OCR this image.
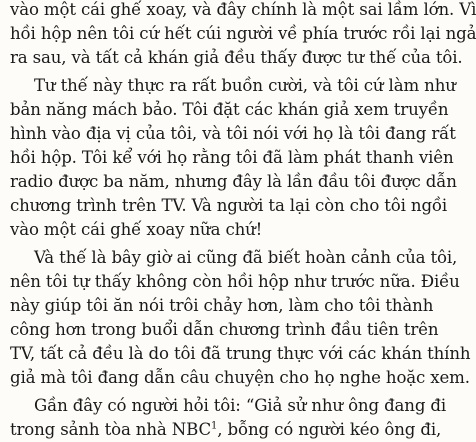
vào một cái ghế xoay, và đây chính là một sai lầm lớn. Vì
hồi hộp nên tôi cứ hết cúi người về phía trước rồi lại ngả
ra sau, và tất cả khán giả đều thấy được tư thế của tôi.
Tư thế này thực ra rất buồn cười, và tôi cứ làm như
bản năng mách bảo. Tôi đặt các khán giả xem truyền
hình vào địa vị của tôi, và tôi nói với họ là tôi đang rất
hồi hộp. Tôi kể với họ rằng tôi đã làm phát thanh viên
radio được ba năm, nhưng đây là lần đầu tôi được dẫn
chương trình trên TV. Và người ta lại còn cho tôi ngồi
vào một cái ghế xoay nữa chứ!
Và thế là bây giờ ai cũng đã biết hoàn cảnh của tôi,
nên tôi tự thấy không còn hồi hộp như trước nữa. Điều
này giúp tôi ăn nói trôi chảy hơn, làm cho tôi thành
công hơn trong buổi dẫn chương trình đầu tiên trên
TV, tất cả đều là do tôi đã trung thực với các khán thính
giả mà tôi đang dẫn câu chuyện cho họ nghe hoặc xem.
Gần đây có người hỏi tôi: “Giả sử như ông đang đi
trong sảnh tòa nhà NBC$^1$, bỗng có người kéo ông đi,
